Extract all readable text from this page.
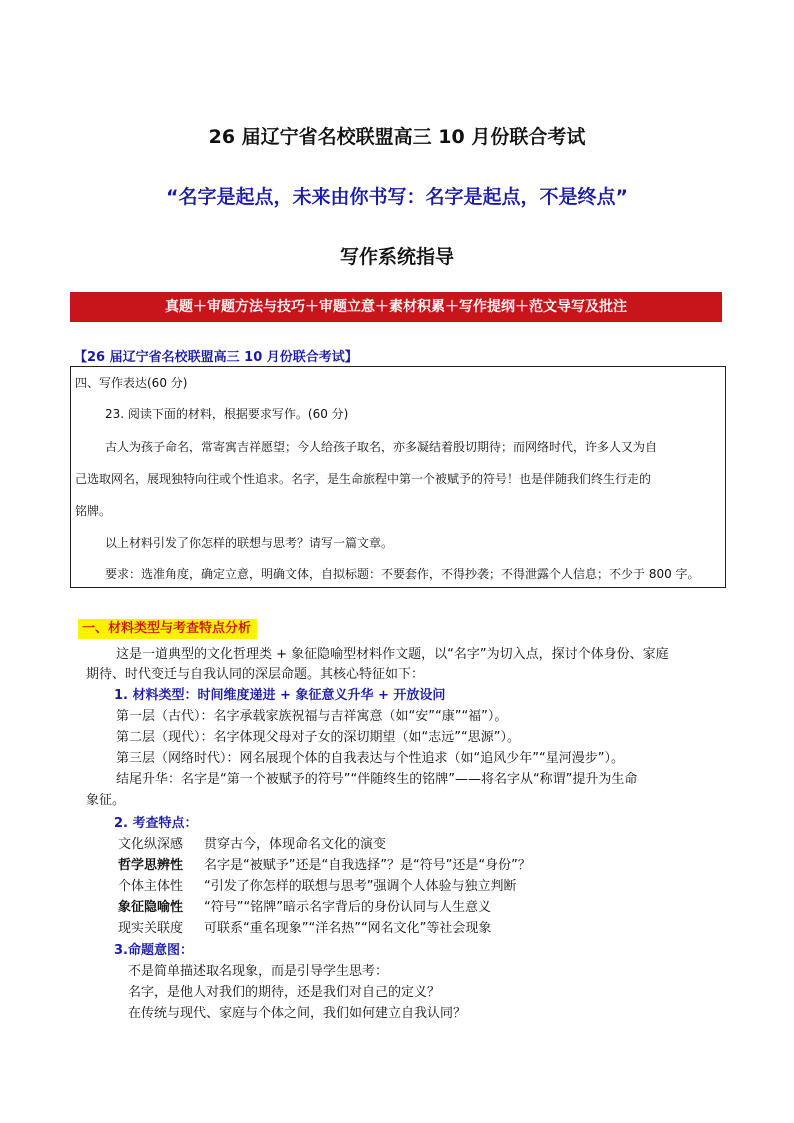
26 届辽宁省名校联盟高三 10 月份联合考试
“名字是起点，未来由你书写：名字是起点，不是终点”
写作系统指导
真题＋审题方法与技巧＋审题立意＋素材积累＋写作提纲＋范文导写及批注
【26 届辽宁省名校联盟高三 10 月份联合考试】
四、写作表达(60 分)
23. 阅读下面的材料，根据要求写作。(60 分)
古人为孩子命名，常寄寓吉祥愿望；今人给孩子取名，亦多凝结着殷切期待；而网络时代，许多人又为自
己选取网名，展现独特向往或个性追求。名字，是生命旅程中第一个被赋予的符号！也是伴随我们终生行走的
铭牌。
以上材料引发了你怎样的联想与思考？请写一篇文章。
要求：选准角度，确定立意，明确文体，自拟标题：不要套作，不得抄袭；不得泄露个人信息；不少于 800 字。
一、材料类型与考查特点分析
这是一道典型的文化哲理类 + 象征隐喻型材料作文题，以“名字”为切入点，探讨个体身份、家庭
期待、时代变迁与自我认同的深层命题。其核心特征如下：
1. 材料类型：时间维度递进 + 象征意义升华 + 开放设问
第一层（古代）：名字承载家族祝福与吉祥寓意（如“安”“康”“福”）。
第二层（现代）：名字体现父母对子女的深切期望（如“志远”“思源”）。
第三层（网络时代）：网名展现个体的自我表达与个性追求（如“追风少年”“星河漫步”）。
结尾升华：名字是“第一个被赋予的符号”“伴随终生的铭牌”——将名字从“称谓”提升为生命
象征。
2. 考查特点：
文化纵深感 贯穿古今，体现命名文化的演变
哲学思辨性 名字是“被赋予”还是“自我选择”？是“符号”还是“身份”？
个体主体性 “引发了你怎样的联想与思考”强调个人体验与独立判断
象征隐喻性 “符号”“铭牌”暗示名字背后的身份认同与人生意义
现实关联度 可联系“重名现象”“洋名热”“网名文化”等社会现象
3.命题意图：
不是简单描述取名现象，而是引导学生思考：
名字，是他人对我们的期待，还是我们对自己的定义？
在传统与现代、家庭与个体之间，我们如何建立自我认同？
